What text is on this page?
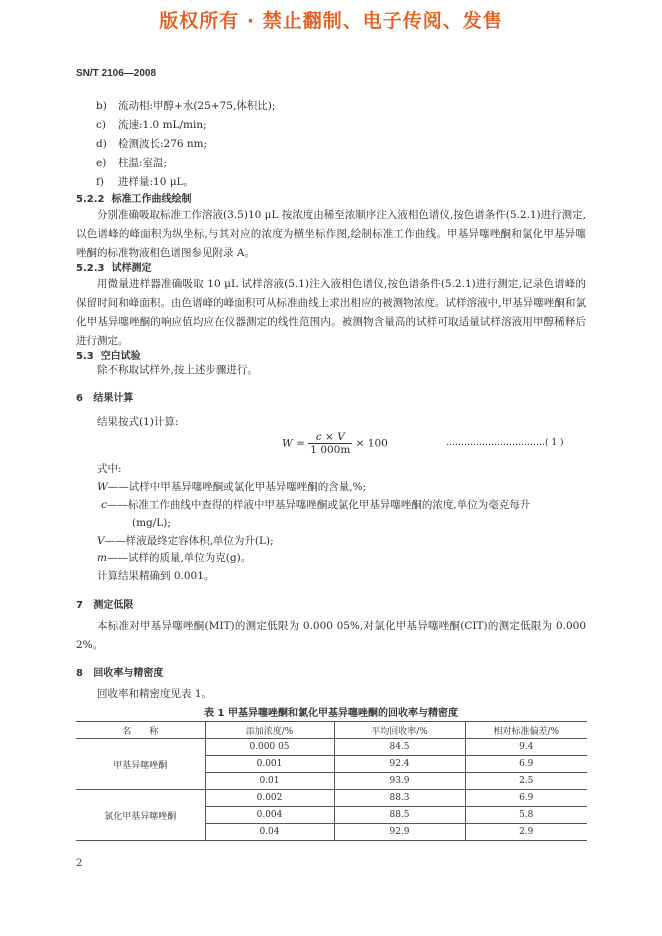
版权所有 · 禁止翻制、电子传阅、发售
SN/T 2106—2008
b) 流动相:甲醇+水(25+75,体积比);
c) 流速:1.0 mL/min;
d) 检测波长:276 nm;
e) 柱温:室温;
f) 进样量:10 μL。
5.2.2 标准工作曲线绘制
分别准确吸取标准工作溶液(3.5)10 μL 按浓度由稀至浓顺序注入液相色谱仪,按色谱条件(5.2.1)进行测定,以色谱峰的峰面积为纵坐标,与其对应的浓度为横坐标作图,绘制标准工作曲线。甲基异噻唑酮和氯化甲基异噻唑酮的标准物液相色谱图参见附录 A。
5.2.3 试样测定
用微量进样器准确吸取 10 μL 试样溶液(5.1)注入液相色谱仪,按色谱条件(5.2.1)进行测定,记录色谱峰的保留时间和峰面积。由色谱峰的峰面积可从标准曲线上求出相应的被测物浓度。试样溶液中,甲基异噻唑酮和氯化甲基异噻唑酮的响应值均应在仪器测定的线性范围内。被测物含量高的试样可取适量试样溶液用甲醇稀释后进行测定。
5.3 空白试验
除不称取试样外,按上述步骤进行。
6 结果计算
结果按式(1)计算:
$W = \frac{c \times V}{1 000m} \times 100$	……………………………( 1 )
式中:
W——试样中甲基异噻唑酮或氯化甲基异噻唑酮的含量,%;
c——标准工作曲线中查得的样液中甲基异噻唑酮或氯化甲基异噻唑酮的浓度,单位为毫克每升
(mg/L);
V——样液最终定容体积,单位为升(L);
m——试样的质量,单位为克(g)。
计算结果精确到 0.001。
7 测定低限
本标准对甲基异噻唑酮(MIT)的测定低限为 0.000 05%,对氯化甲基异噻唑酮(CIT)的测定低限为 0.000 2%。
8 回收率与精密度
回收率和精密度见表 1。
表 1 甲基异噻唑酮和氯化甲基异噻唑酮的回收率与精密度
名　　称	添加浓度/%	平均回收率/%	相对标准偏差/%
甲基异噻唑酮	0.000 05	84.5	9.4
	0.001	92.4	6.9
	0.01	93.9	2.5
氯化甲基异噻唑酮	0.002	88.3	6.9
	0.004	88.5	5.8
	0.04	92.9	2.9
2
